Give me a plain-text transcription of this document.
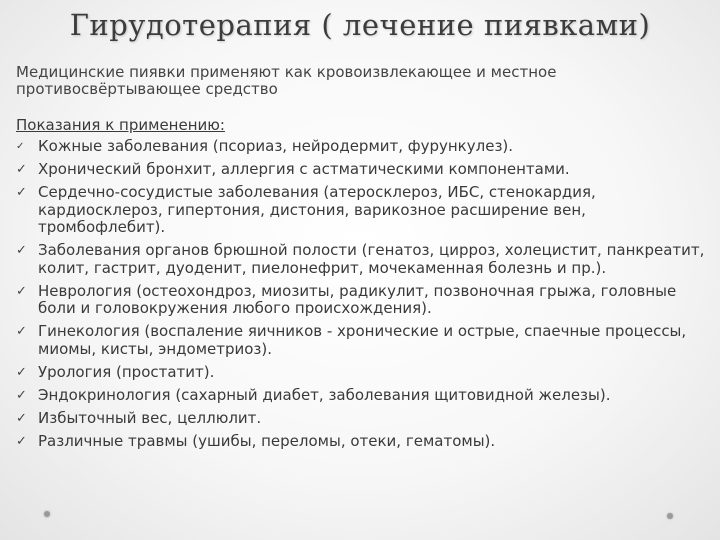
Гирудотерапия ( лечение пиявками)
Медицинские пиявки применяют как кровоизвлекающее и местное противосвёртывающее средство
Показания к применению:
✓ Кожные заболевания (псориаз, нейродермит, фурункулез).
✓ Хронический бронхит, аллергия с астматическими компонентами.
✓ Сердечно-сосудистые заболевания (атеросклероз, ИБС, стенокардия, кардиосклероз, гипертония, дистония, варикозное расширение вен, тромбофлебит).
✓ Заболевания органов брюшной полости (генатоз, цирроз, холецистит, панкреатит, колит, гастрит, дуоденит, пиелонефрит, мочекаменная болезнь и пр.).
✓ Неврология (остеохондроз, миозиты, радикулит, позвоночная грыжа, головные боли и головокружения любого происхождения).
✓ Гинекология (воспаление яичников - хронические и острые, спаечные процессы, миомы, кисты, эндометриоз).
✓ Урология (простатит).
✓ Эндокринология (сахарный диабет, заболевания щитовидной железы).
✓ Избыточный вес, целлюлит.
✓ Различные травмы (ушибы, переломы, отеки, гематомы).
